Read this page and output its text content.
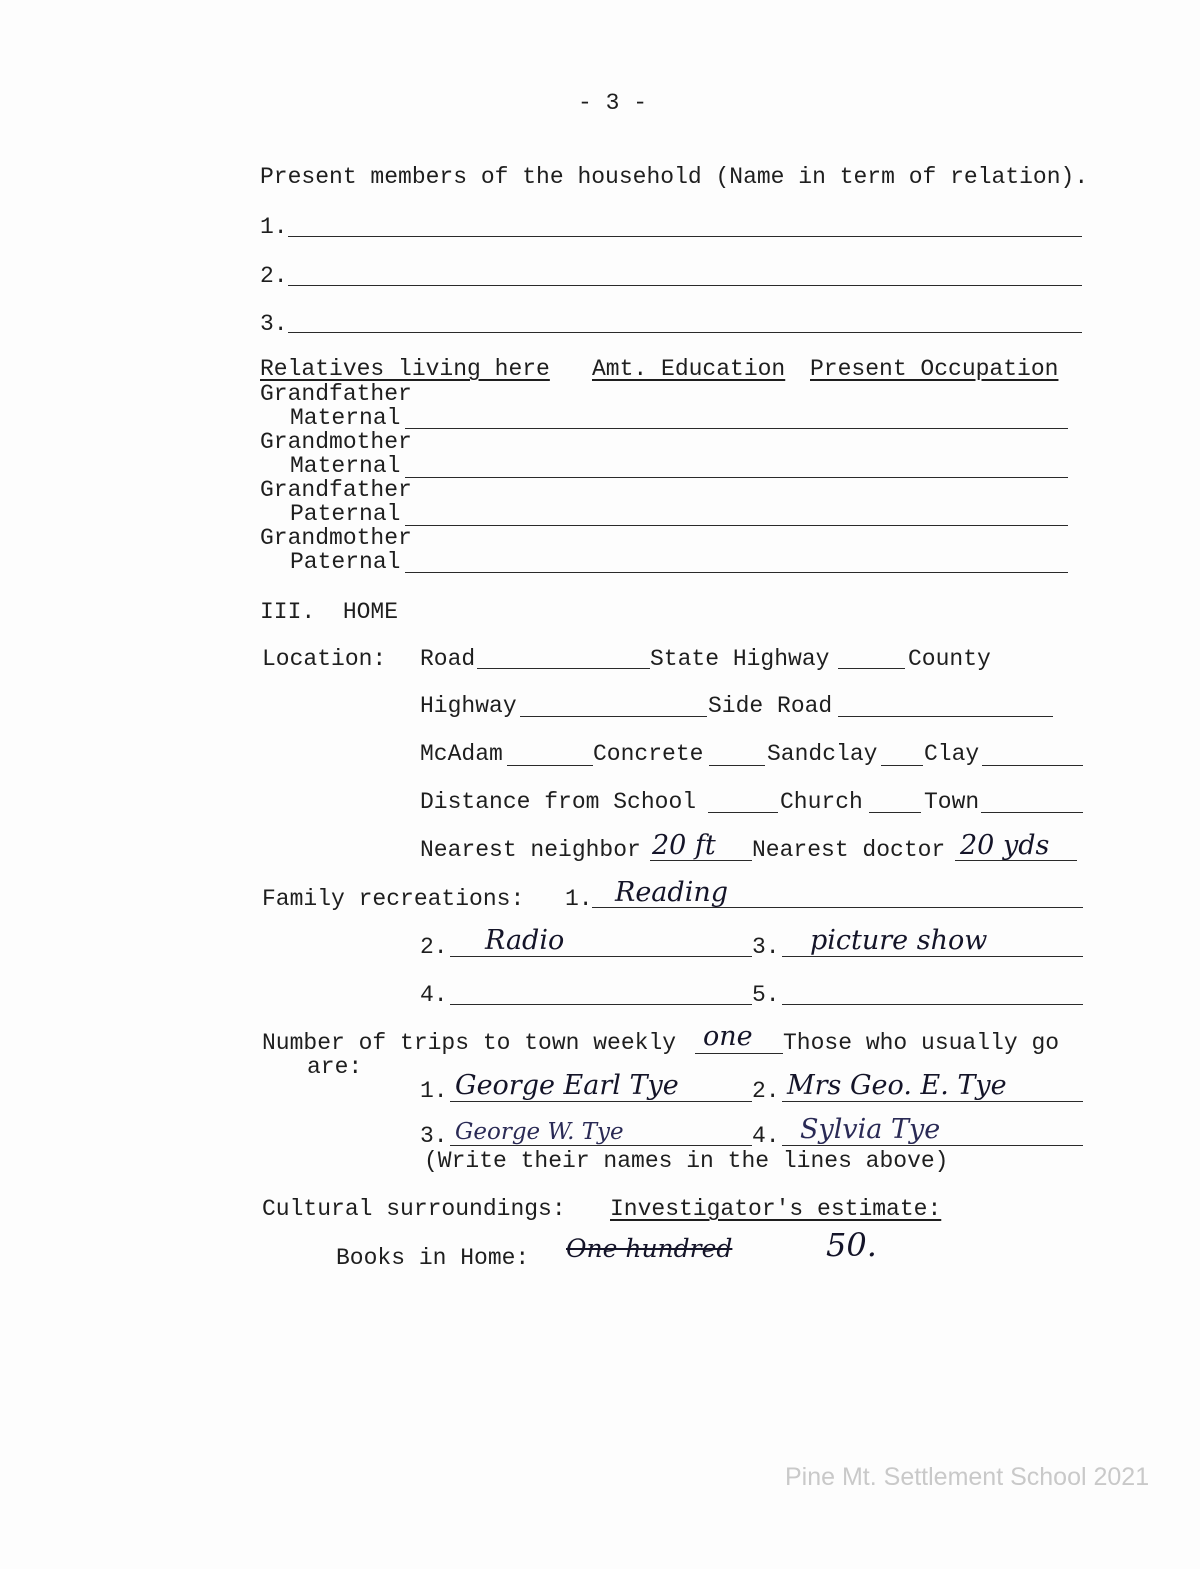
- 3 -
Present members of the household (Name in term of relation).
1.
2.
3.
Relatives living here Amt. Education Present Occupation
Grandfather
Maternal
Grandmother
Maternal
Grandfather
Paternal
Grandmother
Paternal
III.  HOME
Location: Road	State Highway	County
Highway	Side Road
McAdam	Concrete	Sandclay Clay
Distance from School	Church	Town
Nearest neighbor 20 ft Nearest doctor 20 yds
Family recreations: 1. Reading
2. Radio	3. picture show
4.	5.
Number of trips to town weekly one Those who usually go
are:
1. George Earl Tye	2. Mrs Geo. E. Tye
3. George W. Tye	4. Sylvia Tye
(Write their names in the lines above)
Cultural surroundings: Investigator's estimate:
Books in Home: One hundred	50.
Pine Mt. Settlement School 2021
